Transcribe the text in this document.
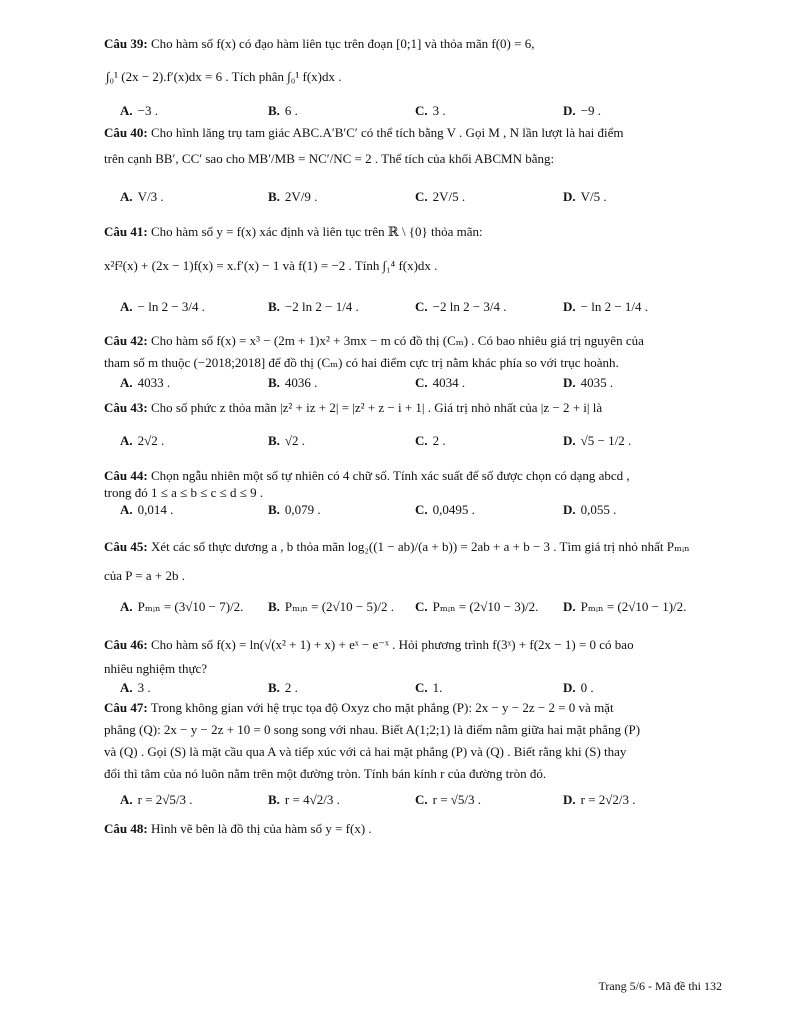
Câu 39: Cho hàm số f(x) có đạo hàm liên tục trên đoạn [0;1] và thỏa mãn f(0) = 6,
∫₀¹ (2x − 2).f′(x)dx = 6 . Tích phân ∫₀¹ f(x)dx .
A. −3 .	B. 6 .	C. 3 .	D. −9 .
Câu 40: Cho hình lăng trụ tam giác ABC.A′B′C′ có thể tích bằng V . Gọi M , N lần lượt là hai điểm
trên cạnh BB′, CC′ sao cho MB′/MB = NC′/NC = 2 . Thể tích của khối ABCMN bằng:
A. V/3 .	B. 2V/9 .	C. 2V/5 .	D. V/5 .
Câu 41: Cho hàm số y = f(x) xác định và liên tục trên ℝ \ {0} thỏa mãn:
x²f²(x) + (2x − 1)f(x) = x.f′(x) − 1 và f(1) = −2 . Tính ∫₁⁴ f(x)dx .
A. − ln 2 − 3/4 .	B. −2 ln 2 − 1/4 .	C. −2 ln 2 − 3/4 .	D. − ln 2 − 1/4 .
Câu 42: Cho hàm số f(x) = x³ − (2m + 1)x² + 3mx − m có đồ thị (Cₘ) . Có bao nhiêu giá trị nguyên của
tham số m thuộc (−2018;2018] để đồ thị (Cₘ) có hai điểm cực trị nằm khác phía so với trục hoành.
A. 4033 .	B. 4036 .	C. 4034 .	D. 4035 .
Câu 43: Cho số phức z thỏa mãn |z² + iz + 2| = |z² + z − i + 1| . Giá trị nhỏ nhất của |z − 2 + i| là
A. 2√2 .	B. √2 .	C. 2 .	D. √5 − 1/2 .
Câu 44: Chọn ngẫu nhiên một số tự nhiên có 4 chữ số. Tính xác suất để số được chọn có dạng abcd ,
trong đó 1 ≤ a ≤ b ≤ c ≤ d ≤ 9 .
A. 0,014 .	B. 0,079 .	C. 0,0495 .	D. 0,055 .
Câu 45: Xét các số thực dương a , b thỏa mãn log₂((1 − ab)/(a + b)) = 2ab + a + b − 3 . Tìm giá trị nhỏ nhất Pₘᵢₙ
của P = a + 2b .
A. Pₘᵢₙ = (3√10 − 7)/2. B. Pₘᵢₙ = (2√10 − 5)/2 . C. Pₘᵢₙ = (2√10 − 3)/2. D. Pₘᵢₙ = (2√10 − 1)/2.
Câu 46: Cho hàm số f(x) = ln(√(x² + 1) + x) + eˣ − e⁻ˣ . Hỏi phương trình f(3ˣ) + f(2x − 1) = 0 có bao
nhiêu nghiệm thực?
A. 3 .	B. 2 .	C. 1.	D. 0 .
Câu 47: Trong không gian với hệ trục tọa độ Oxyz cho mặt phẳng (P): 2x − y − 2z − 2 = 0 và mặt
phẳng (Q): 2x − y − 2z + 10 = 0 song song với nhau. Biết A(1;2;1) là điểm nằm giữa hai mặt phẳng (P)
và (Q) . Gọi (S) là mặt cầu qua A và tiếp xúc với cả hai mặt phẳng (P) và (Q) . Biết rằng khi (S) thay
đổi thì tâm của nó luôn nằm trên một đường tròn. Tính bán kính r của đường tròn đó.
A. r = 2√5/3 .	B. r = 4√2/3 .	C. r = √5/3 .	D. r = 2√2/3 .
Câu 48: Hình vẽ bên là đồ thị của hàm số y = f(x) .
Trang 5/6 - Mã đề thi 132
